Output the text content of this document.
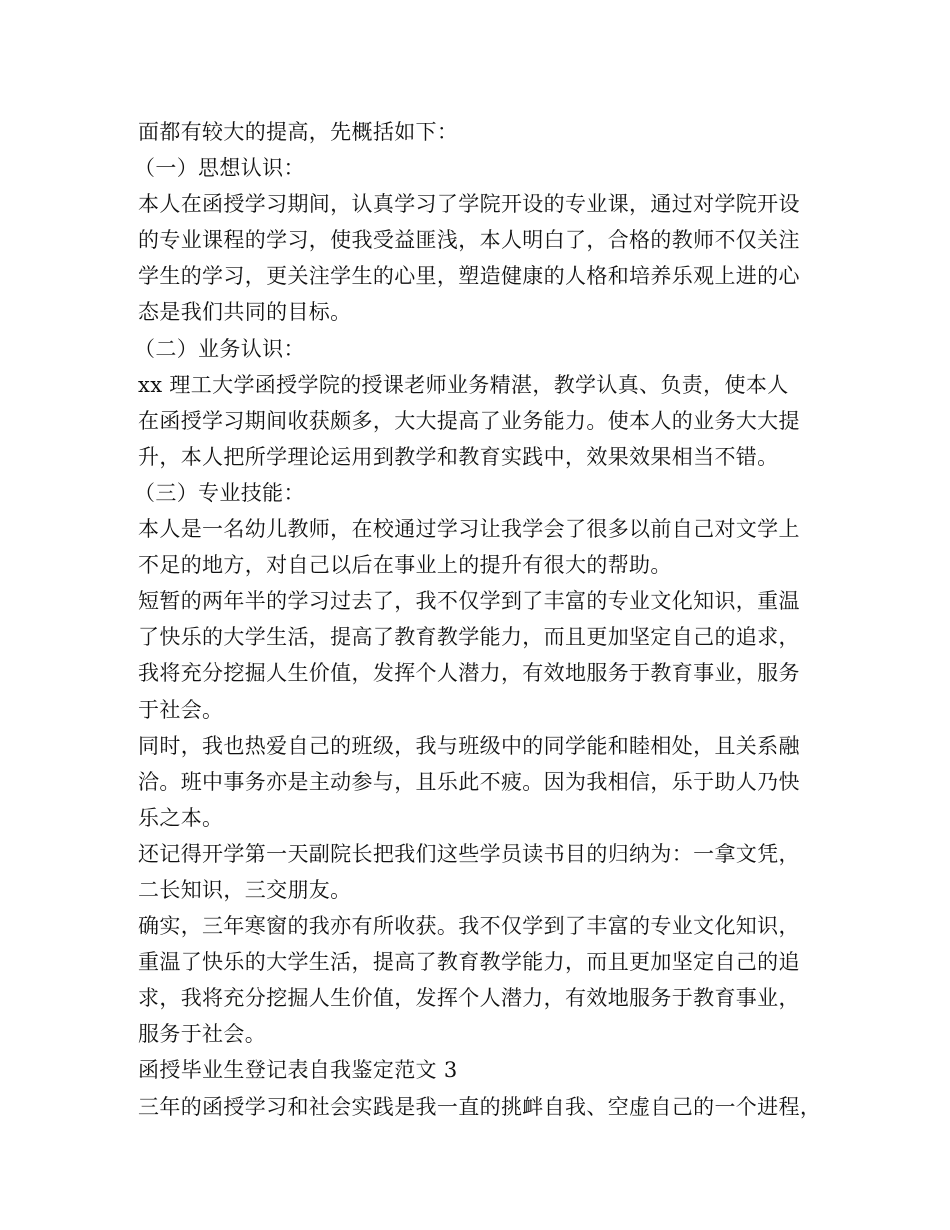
面都有较大的提高，先概括如下：

（一）思想认识：

本人在函授学习期间，认真学习了学院开设的专业课，通过对学院开设
的专业课程的学习，使我受益匪浅，本人明白了，合格的教师不仅关注
学生的学习，更关注学生的心里，塑造健康的人格和培养乐观上进的心
态是我们共同的目标。

（二）业务认识：

xx 理工大学函授学院的授课老师业务精湛，教学认真、负责，使本人
在函授学习期间收获颇多，大大提高了业务能力。使本人的业务大大提
升，本人把所学理论运用到教学和教育实践中，效果效果相当不错。

（三）专业技能：

本人是一名幼儿教师，在校通过学习让我学会了很多以前自己对文学上
不足的地方，对自己以后在事业上的提升有很大的帮助。

短暂的两年半的学习过去了，我不仅学到了丰富的专业文化知识，重温
了快乐的大学生活，提高了教育教学能力，而且更加坚定自己的追求，
我将充分挖掘人生价值，发挥个人潜力，有效地服务于教育事业，服务
于社会。

同时，我也热爱自己的班级，我与班级中的同学能和睦相处，且关系融
洽。班中事务亦是主动参与，且乐此不疲。因为我相信，乐于助人乃快
乐之本。

还记得开学第一天副院长把我们这些学员读书目的归纳为：一拿文凭，
二长知识，三交朋友。

确实，三年寒窗的我亦有所收获。我不仅学到了丰富的专业文化知识，
重温了快乐的大学生活，提高了教育教学能力，而且更加坚定自己的追
求，我将充分挖掘人生价值，发挥个人潜力，有效地服务于教育事业，
服务于社会。

函授毕业生登记表自我鉴定范文 3

三年的函授学习和社会实践是我一直的挑衅自我、空虚自己的一个进程，
